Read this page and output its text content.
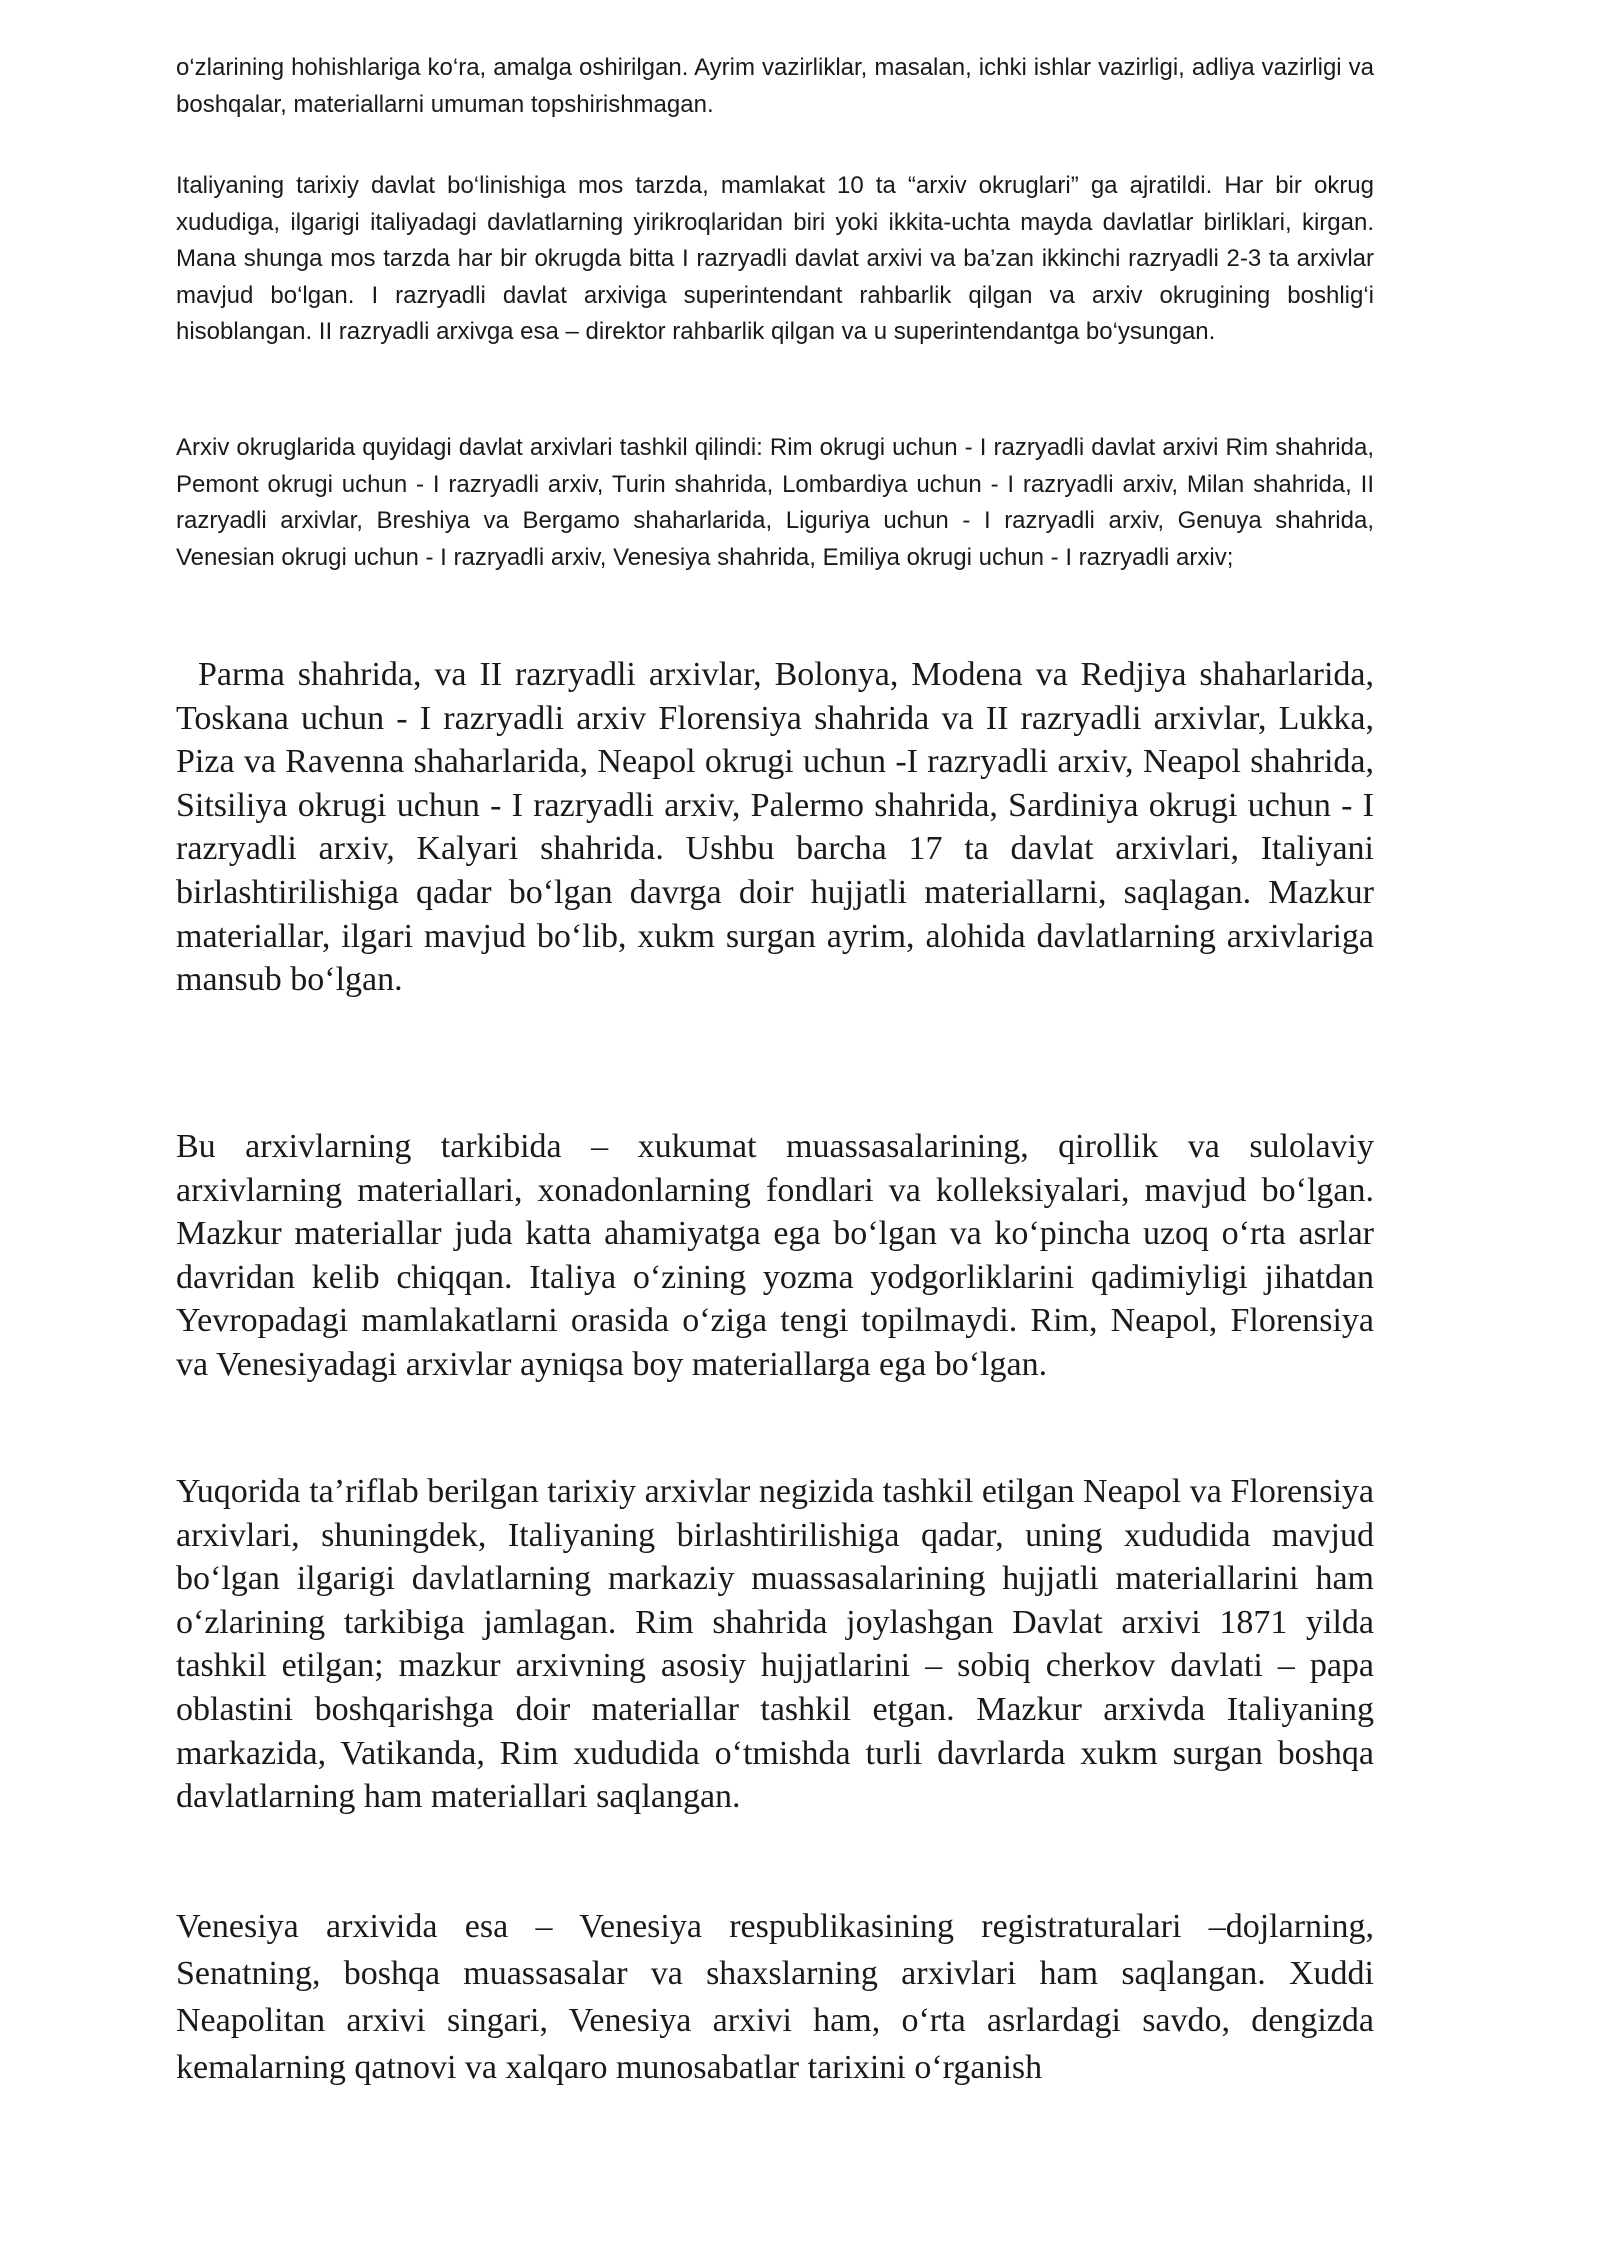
o‘zlarining hohishlariga ko‘ra, amalga oshirilgan. Ayrim vazirliklar, masalan, ichki ishlar vazirligi, adliya vazirligi va boshqalar, materiallarni umuman topshirishmagan.

Italiyaning tarixiy davlat bo‘linishiga mos tarzda, mamlakat 10 ta “arxiv okruglari” ga ajratildi. Har bir okrug xududiga, ilgarigi italiyadagi davlatlarning yirikroqlaridan biri yoki ikkita-uchta mayda davlatlar birliklari, kirgan. Mana shunga mos tarzda har bir okrugda bitta I razryadli davlat arxivi va ba’zan ikkinchi razryadli 2-3 ta arxivlar mavjud bo‘lgan. I razryadli davlat arxiviga superintendant rahbarlik qilgan va arxiv okrugining boshlig‘i hisoblangan. II razryadli arxivga esa – direktor rahbarlik qilgan va u superintendantga bo‘ysungan.

Arxiv okruglarida quyidagi davlat arxivlari tashkil qilindi: Rim okrugi uchun - I razryadli davlat arxivi Rim shahrida, Pemont okrugi uchun - I razryadli arxiv, Turin shahrida, Lombardiya uchun - I razryadli arxiv, Milan shahrida, II razryadli arxivlar, Breshiya va Bergamo shaharlarida, Liguriya uchun - I razryadli arxiv, Genuya shahrida, Venesian okrugi uchun - I razryadli arxiv, Venesiya shahrida, Emiliya okrugi uchun - I razryadli arxiv;

Parma shahrida, va II razryadli arxivlar, Bolonya, Modena va Redjiya shaharlarida, Toskana uchun - I razryadli arxiv Florensiya shahrida va II razryadli arxivlar, Lukka, Piza va Ravenna shaharlarida, Neapol okrugi uchun -I razryadli arxiv, Neapol shahrida, Sitsiliya okrugi uchun - I razryadli arxiv, Palermo shahrida, Sardiniya okrugi uchun - I razryadli arxiv, Kalyari shahrida. Ushbu barcha 17 ta davlat arxivlari, Italiyani birlashtirilishiga qadar bo‘lgan davrga doir hujjatli materiallarni, saqlagan. Mazkur materiallar, ilgari mavjud bo‘lib, xukm surgan ayrim, alohida davlatlarning arxivlariga mansub bo‘lgan.

Bu arxivlarning tarkibida – xukumat muassasalarining, qirollik va sulolaviy arxivlarning materiallari, xonadonlarning fondlari va kolleksiyalari, mavjud bo‘lgan. Mazkur materiallar juda katta ahamiyatga ega bo‘lgan va ko‘pincha uzoq o‘rta asrlar davridan kelib chiqqan. Italiya o‘zining yozma yodgorliklarini qadimiyligi jihatdan Yevropadagi mamlakatlarni orasida o‘ziga tengi topilmaydi. Rim, Neapol, Florensiya va Venesiyadagi arxivlar ayniqsa boy materiallarga ega bo‘lgan.

Yuqorida ta’riflab berilgan tarixiy arxivlar negizida tashkil etilgan Neapol va Florensiya arxivlari, shuningdek, Italiyaning birlashtirilishiga qadar, uning xududida mavjud bo‘lgan ilgarigi davlatlarning markaziy muassasalarining hujjatli materiallarini ham o‘zlarining tarkibiga jamlagan. Rim shahrida joylashgan Davlat arxivi 1871 yilda tashkil etilgan; mazkur arxivning asosiy hujjatlarini – sobiq cherkov davlati – papa oblastini boshqarishga doir materiallar tashkil etgan. Mazkur arxivda Italiyaning markazida, Vatikanda, Rim xududida o‘tmishda turli davrlarda xukm surgan boshqa davlatlarning ham materiallari saqlangan.

Venesiya arxivida esa – Venesiya respublikasining registraturalari –dojlarning, Senatning, boshqa muassasalar va shaxslarning arxivlari ham saqlangan. Xuddi Neapolitan arxivi singari, Venesiya arxivi ham, o‘rta asrlardagi savdo, dengizda kemalarning qatnovi va xalqaro munosabatlar tarixini o‘rganish
